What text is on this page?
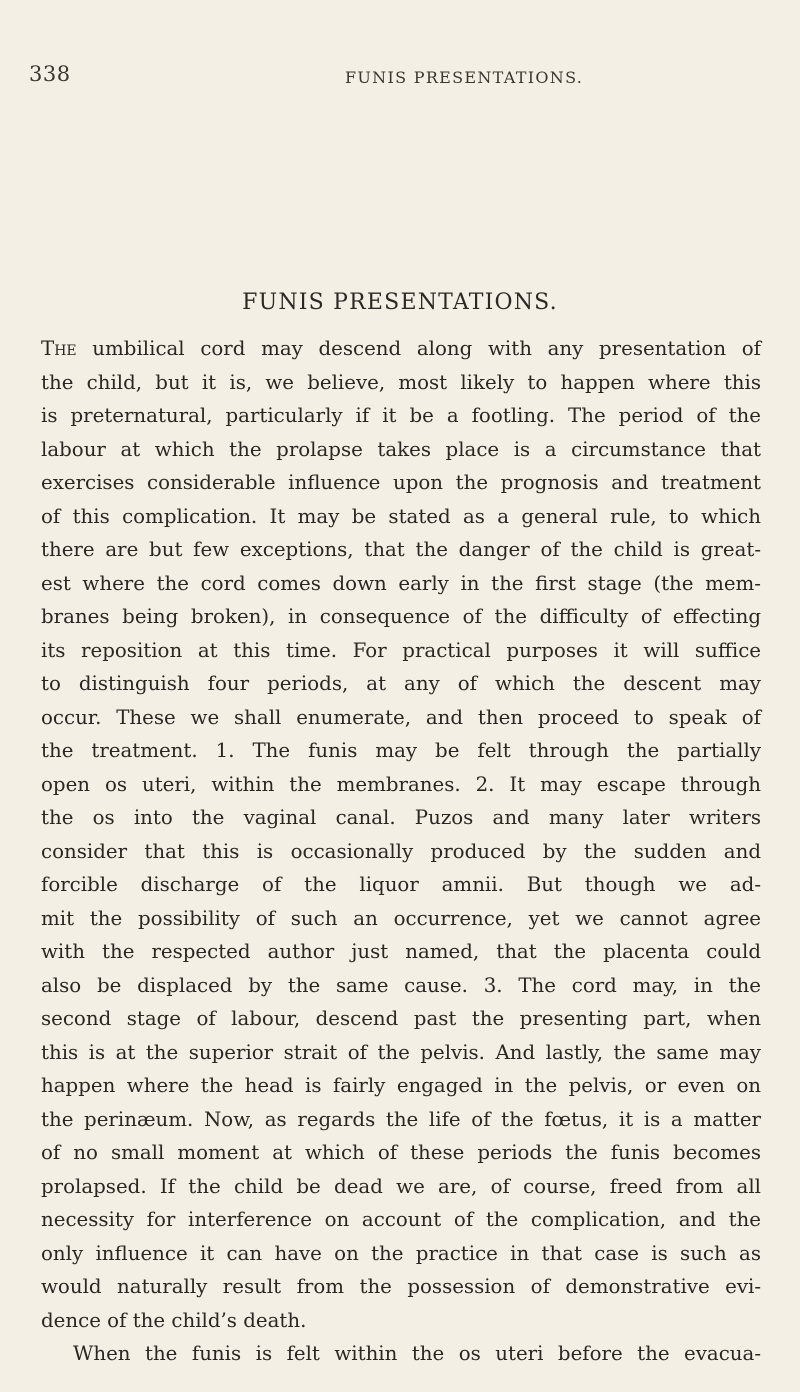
338	FUNIS PRESENTATIONS.
FUNIS PRESENTATIONS.
The umbilical cord may descend along with any presentation of
the child, but it is, we believe, most likely to happen where this
is preternatural, particularly if it be a footling. The period of the
labour at which the prolapse takes place is a circumstance that
exercises considerable influence upon the prognosis and treatment
of this complication. It may be stated as a general rule, to which
there are but few exceptions, that the danger of the child is great-
est where the cord comes down early in the first stage (the mem-
branes being broken), in consequence of the difficulty of effecting
its reposition at this time. For practical purposes it will suffice
to distinguish four periods, at any of which the descent may
occur. These we shall enumerate, and then proceed to speak of
the treatment. 1. The funis may be felt through the partially
open os uteri, within the membranes. 2. It may escape through
the os into the vaginal canal. Puzos and many later writers
consider that this is occasionally produced by the sudden and
forcible discharge of the liquor amnii. But though we ad-
mit the possibility of such an occurrence, yet we cannot agree
with the respected author just named, that the placenta could
also be displaced by the same cause. 3. The cord may, in the
second stage of labour, descend past the presenting part, when
this is at the superior strait of the pelvis. And lastly, the same may
happen where the head is fairly engaged in the pelvis, or even on
the perinæum. Now, as regards the life of the fœtus, it is a matter
of no small moment at which of these periods the funis becomes
prolapsed. If the child be dead we are, of course, freed from all
necessity for interference on account of the complication, and the
only influence it can have on the practice in that case is such as
would naturally result from the possession of demonstrative evi-
dence of the child’s death.
When the funis is felt within the os uteri before the evacua-
